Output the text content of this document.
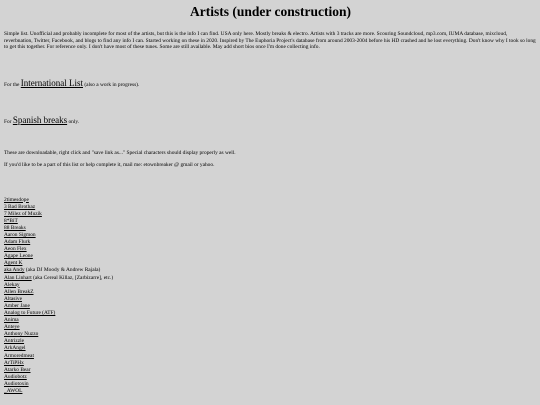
Artists (under construction)

Simple list. Unofficial and probably incomplete for most of the artists, but this is the info I can find. USA only here. Mostly breaks & electro. Artists with 3 tracks are more. Scouring Soundcloud, mp3.com, IUMA database, mixcloud, reverbnation, Twitter, Facebook, and blogs to find any info I can. Started working on these in 2020. Inspired by The Euphoria Project's database from around 2003-2004 before his HD crashed and he lost everything. Don't know why I took so long to get this together. For reference only. I don't have most of these tunes. Some are still available. May add short bios once I'm done collecting info.

For the International List (also a work in progress).

For Spanish breaks only.

These are downloadable, right click and "save link as..." Special characters should display properly as well.

If you'd like to be a part of this list or help complete it, mail me: etownbreaker @ gmail or yahoo.

2timesdope
3 Bad Brothaz
7 Milez of Muzik
8*BiT
88 Breaks
Aaron Sigmon
Adam Flurk
Aeon Flex
Agape Leone
Agent K
aka Andy (aka DJ Moody & Andrew Rajala)
Alan Linhart (aka Cereal Killaz, [Zarbizarre], etc.)
Alekay
Allen BreakZ
Altasive
Amber Jane
Analog to Future (ATF)
Anima
Anteye
Anthony Nuzzo
Antrizzle
ArkAngel
Armoredmeat
ArTiPHx
Atarko Bear
Audiobotz
Audiotoxin
_AWOL
